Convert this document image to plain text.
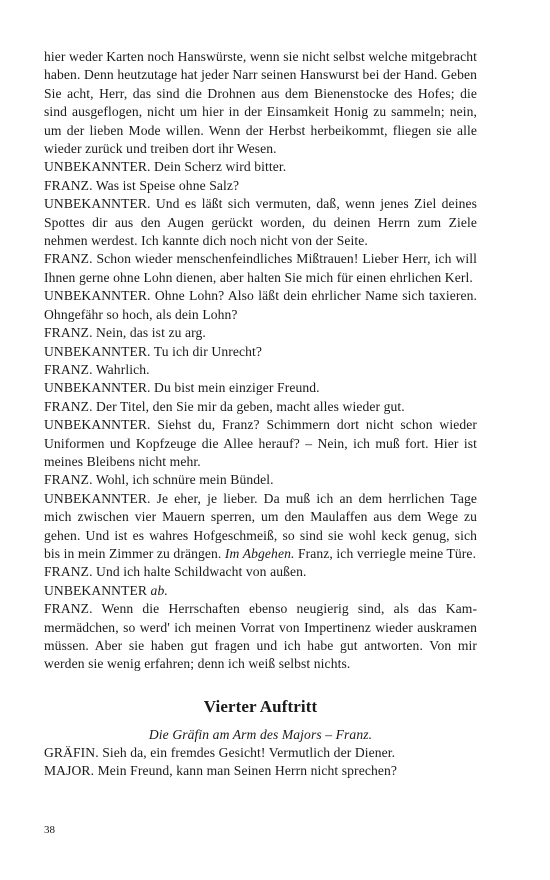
hier weder Karten noch Hanswürste, wenn sie nicht selbst welche mitgebracht haben. Denn heutzutage hat jeder Narr seinen Hanswurst bei der Hand. Geben Sie acht, Herr, das sind die Drohnen aus dem Bienenstocke des Hofes; die sind ausgeflogen, nicht um hier in der Einsamkeit Honig zu sammeln; nein, um der lieben Mode willen. Wenn der Herbst herbeikommt, fliegen sie alle wieder zurück und treiben dort ihr Wesen.

UNBEKANNTER. Dein Scherz wird bitter.

FRANZ. Was ist Speise ohne Salz?

UNBEKANNTER. Und es läßt sich vermuten, daß, wenn jenes Ziel deines Spottes dir aus den Augen gerückt worden, du deinen Herrn zum Ziele nehmen werdest. Ich kannte dich noch nicht von der Seite.

FRANZ. Schon wieder menschenfeindliches Mißtrauen! Lieber Herr, ich will Ihnen gerne ohne Lohn dienen, aber halten Sie mich für einen ehrlichen Kerl.

UNBEKANNTER. Ohne Lohn? Also läßt dein ehrlicher Name sich taxieren. Ohngefähr so hoch, als dein Lohn?

FRANZ. Nein, das ist zu arg.

UNBEKANNTER. Tu ich dir Unrecht?

FRANZ. Wahrlich.

UNBEKANNTER. Du bist mein einziger Freund.

FRANZ. Der Titel, den Sie mir da geben, macht alles wieder gut.

UNBEKANNTER. Siehst du, Franz? Schimmern dort nicht schon wieder Uniformen und Kopfzeuge die Allee herauf? – Nein, ich muß fort. Hier ist meines Bleibens nicht mehr.

FRANZ. Wohl, ich schnüre mein Bündel.

UNBEKANNTER. Je eher, je lieber. Da muß ich an dem herrlichen Tage mich zwischen vier Mauern sperren, um den Maulaffen aus dem Wege zu gehen. Und ist es wahres Hofgeschmeiß, so sind sie wohl keck genug, sich bis in mein Zimmer zu drängen. Im Abgehen. Franz, ich verriegle meine Türe.

FRANZ. Und ich halte Schildwacht von außen.

UNBEKANNTER ab.

FRANZ. Wenn die Herrschaften ebenso neugierig sind, als das Kammermädchen, so werd' ich meinen Vorrat von Impertinenz wieder auskramen müssen. Aber sie haben gut fragen und ich habe gut antworten. Von mir werden sie wenig erfahren; denn ich weiß selbst nichts.

Vierter Auftritt
Die Gräfin am Arm des Majors – Franz.

GRÄFIN. Sieh da, ein fremdes Gesicht! Vermutlich der Diener.

MAJOR. Mein Freund, kann man Seinen Herrn nicht sprechen?

38
